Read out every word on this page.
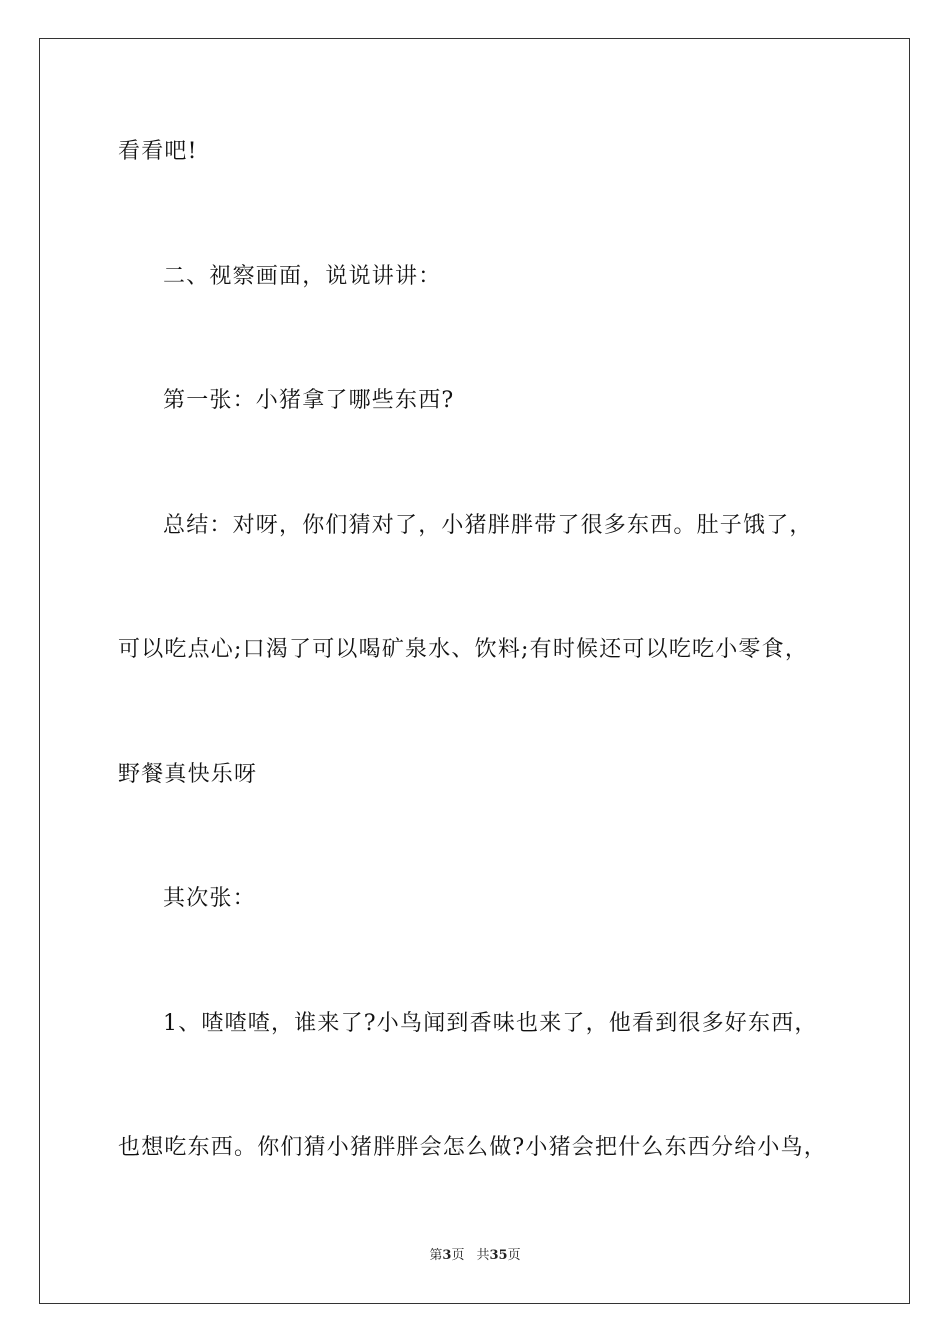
看看吧!
二、视察画面，说说讲讲：
第一张：小猪拿了哪些东西?
总结：对呀，你们猜对了，小猪胖胖带了很多东西。肚子饿了，
可以吃点心;口渴了可以喝矿泉水、饮料;有时候还可以吃吃小零食，
野餐真快乐呀
其次张：
1、喳喳喳，谁来了?小鸟闻到香味也来了，他看到很多好东西，
也想吃东西。你们猜小猪胖胖会怎么做?小猪会把什么东西分给小鸟，
第3页 共35页
